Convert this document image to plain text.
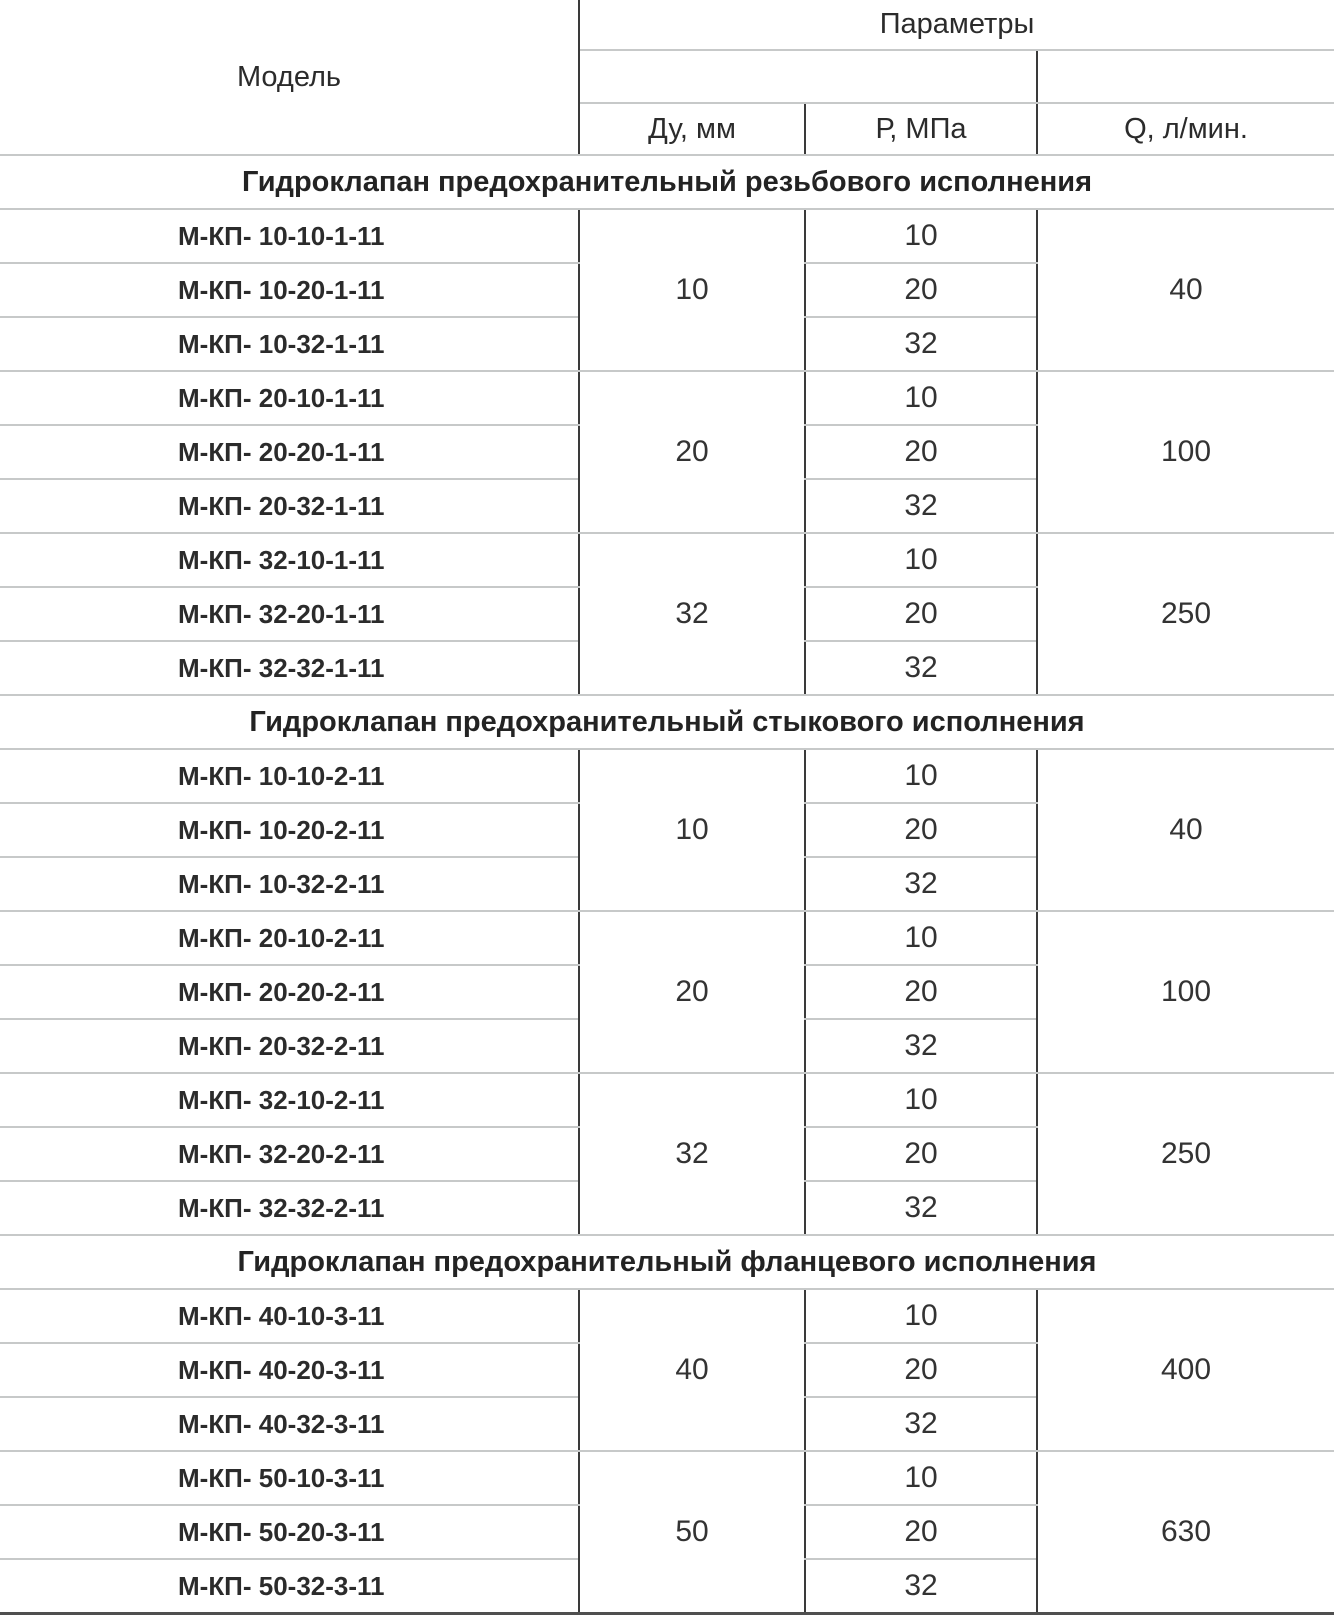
Модель	Параметры		

	Ду, мм	Р, МПа	Q, л/мин.
Гидроклапан предохранительный резьбового исполнения			
М-КП- 10-10-1-11	10	10	40
М-КП- 10-20-1-11		20	
М-КП- 10-32-1-11		32	
М-КП- 20-10-1-11	20	10	100
М-КП- 20-20-1-11		20	
М-КП- 20-32-1-11		32	
М-КП- 32-10-1-11	32	10	250
М-КП- 32-20-1-11		20	
М-КП- 32-32-1-11		32	
Гидроклапан предохранительный стыкового исполнения			
М-КП- 10-10-2-11	10	10	40
М-КП- 10-20-2-11		20	
М-КП- 10-32-2-11		32	
М-КП- 20-10-2-11	20	10	100
М-КП- 20-20-2-11		20	
М-КП- 20-32-2-11		32	
М-КП- 32-10-2-11	32	10	250
М-КП- 32-20-2-11		20	
М-КП- 32-32-2-11		32	
Гидроклапан предохранительный фланцевого исполнения			
М-КП- 40-10-3-11	40	10	400
М-КП- 40-20-3-11		20	
М-КП- 40-32-3-11		32	
М-КП- 50-10-3-11	50	10	630
М-КП- 50-20-3-11		20	
М-КП- 50-32-3-11		32	
